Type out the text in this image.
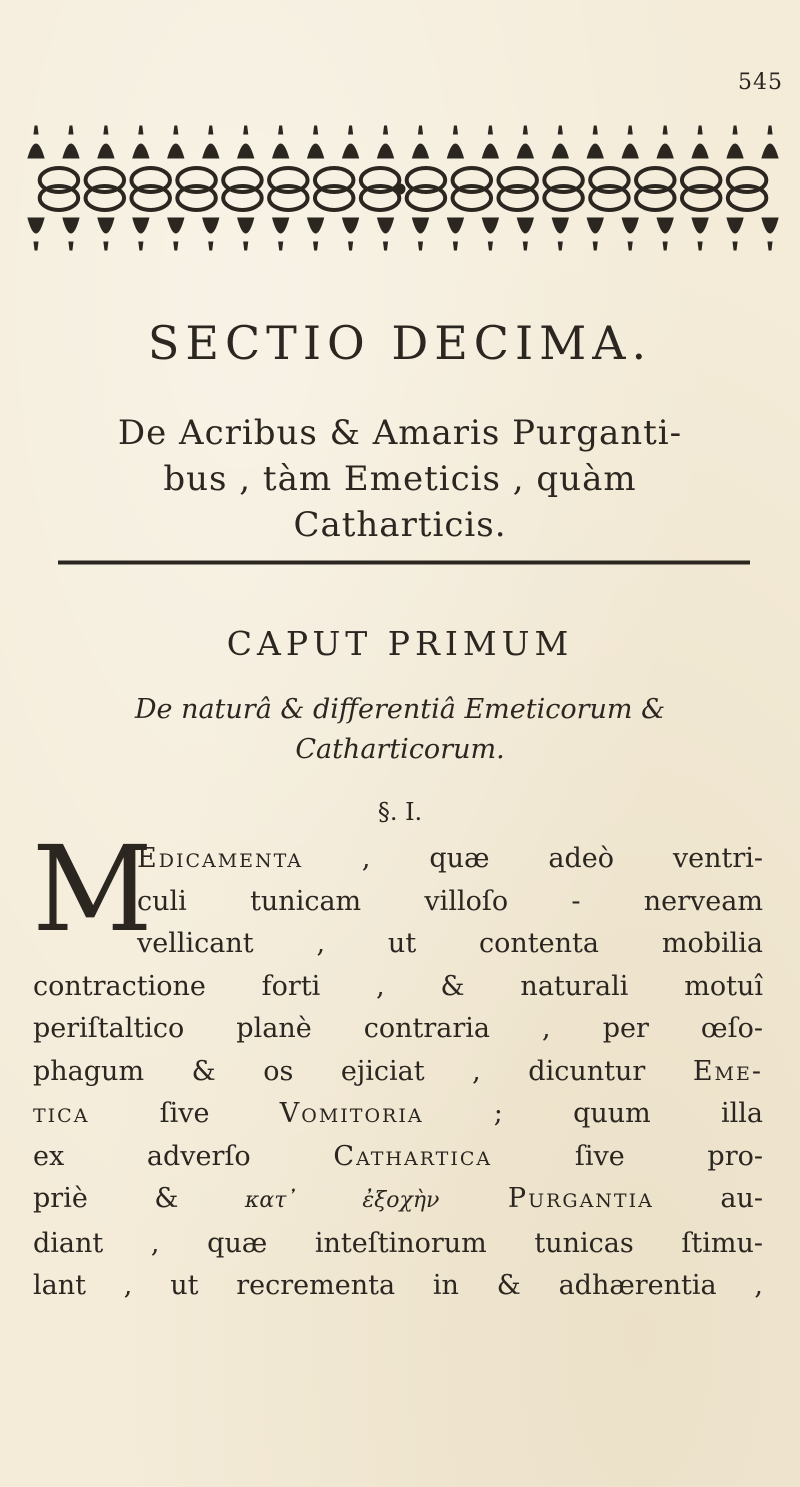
545
SECTIO DECIMA.
De Acribus & Amaris Purganti-
bus , tàm Emeticis , quàm
Catharticis.
CAPUT PRIMUM
De naturâ & differentiâ Emeticorum &
Catharticorum.
§. I.
M
Edicamenta , quæ adeò ventri-
culi tunicam villoſo - nerveam
vellicant , ut contenta mobilia
contractione forti , & naturali motuî
periſtaltico planè contraria , per œſo-
phagum & os ejiciat , dicuntur Eme-
tica ſive Vomitoria ; quum illa
ex adverſo Cathartica ſive pro-
priè & κατ᾽ ἐξοχὴν Purgantia au-
diant , quæ inteſtinorum tunicas ſtimu-
lant , ut recrementa in & adhærentia ,
